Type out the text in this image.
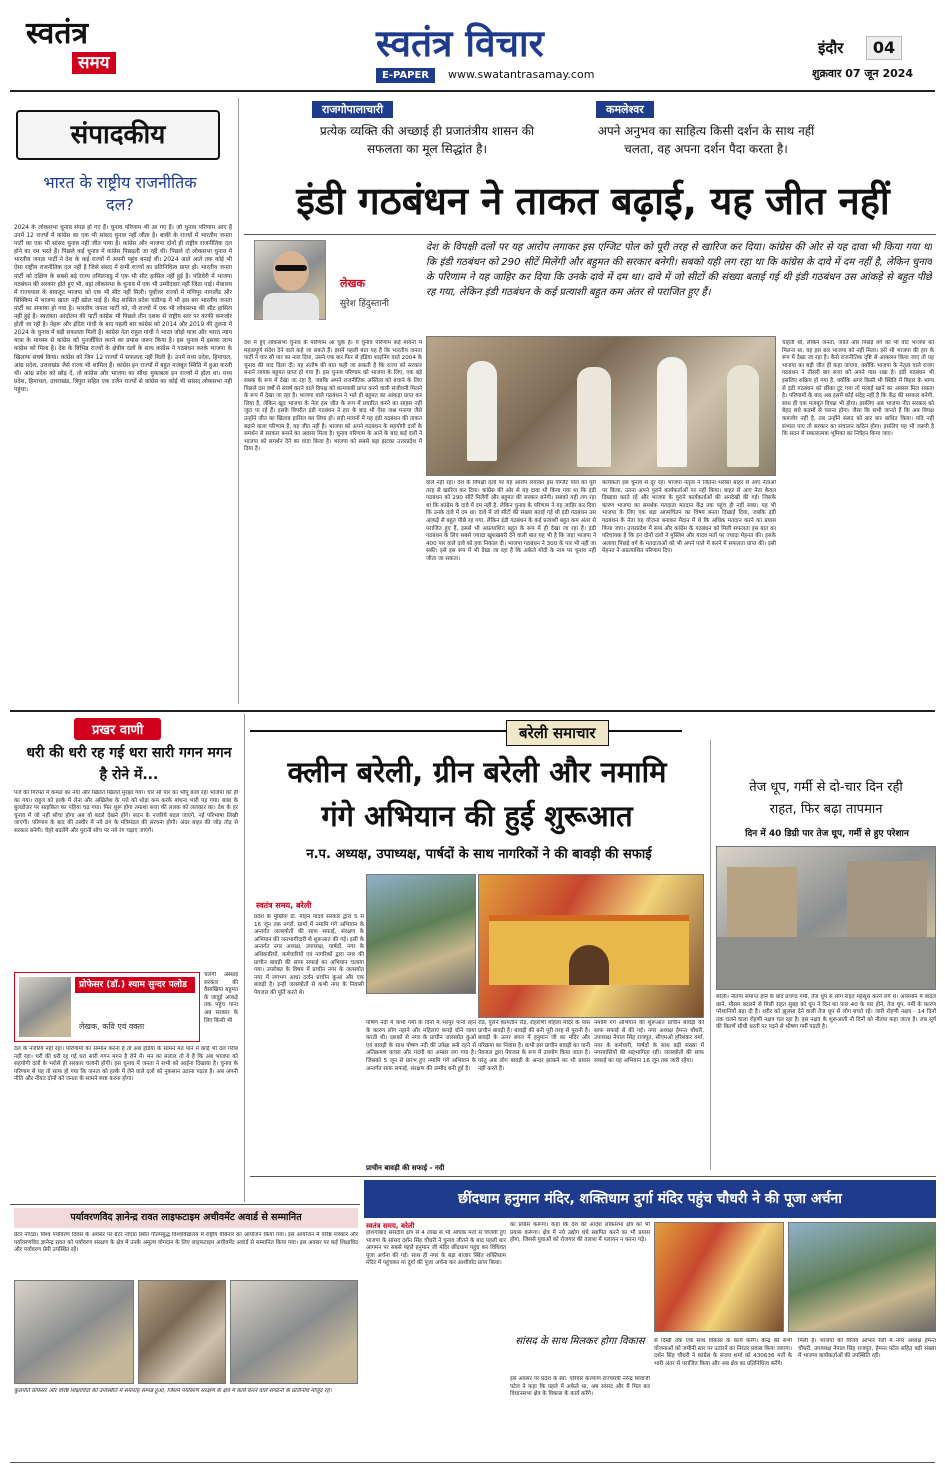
स्वतंत्र
समय	स्वतंत्र विचार
E-PAPER	www.swatantrasamay.com
इंदौर	04
शुक्रवार 07 जून 2024
संपादकीय
भारत के राष्ट्रीय राजनीतिक दल?
2024 के लोकसभा चुनाव संपन्न हो गए हैं। चुनाव परिणाम भी आ गए हैं। जो चुनाव परिणाम आए हैं उनमें 12 राज्यों में कांग्रेस का एक भी सांसद चुनाव नहीं जीता है। बाकी के राज्यों में भारतीय जनता पार्टी का एक भी सांसद चुनाव नहीं जीत पाया है। कांग्रेस और भाजपा दोनों ही राष्ट्रीय राजनीतिक दल होने का दम भरते हैं। पिछले कई चुनाव में कांग्रेस पिछड़ती जा रही थी। पिछले दो लोकसभा चुनाव में भारतीय जनता पार्टी ने देश के कई राज्यों में अपनी पहुंच बनाई थी। 2024 आते आते तक कोई भी ऐसा राष्ट्रीय राजनीतिक दल नहीं है जिसे संसद में सभी राज्यों का प्रतिनिधित्व प्राप्त हो। भारतीय जनता पार्टी को दक्षिण के सबसे बड़े राज्य तमिलनाडु में एक भी सीट हासिल नहीं हुई है। पंडिचेरी में भाजपा गठबंधन की सरकार होते हुए भी, वहां लोकसभा के चुनाव में एक भी उम्मीदवार नहीं जिता पाई। मेघालय में राज्यपाल के बावजूद भाजपा को एक भी सीट नहीं मिली। पूर्वोत्तर राज्यों में मणिपुर नागालैंड और सिक्किम में भाजपा खाता नहीं खोल पाई है। केंद्र शासित प्रदेश चंडीगढ़ में भी इस बार भारतीय जनता पार्टी का सफाया हो गया है। भारतीय जनता पार्टी को, नौ राज्यों में एक भी लोकसभा की सीट हासिल नहीं हुई है। स्वतंत्रता आंदोलन की पार्टी कांग्रेस भी पिछले तीन दशक से राष्ट्रीय स्तर पर काफी कमजोर होती जा रही है। नेहरू और इंदिरा गांधी के बाद पहली बार कांग्रेस को 2014 और 2019 की तुलना में 2024 के चुनाव में बड़ी सफलता मिली है। कांग्रेस नेता राहुल गांधी ने भारत जोड़ो यात्रा और भारत न्याय यात्रा के माध्यम से कांग्रेस को पुनर्जीवित करने का प्रयास जरूर किया है। इस चुनाव में इसका लाभ कांग्रेस को मिला है। देश के विभिन्न राज्यों के क्षेत्रीय दलों के साथ कांग्रेस ने गठबंधन करके भाजपा के खिलाफ संघर्ष किया। कांग्रेस को जिन 12 राज्यों में सफलता नहीं मिली है। उनमें मध्य प्रदेश, हिमाचल, आंध्र प्रदेश, उत्तराखंड जैसे राज्य भी शामिल हैं। कांग्रेस इन राज्यों में बहुत मजबूत स्थिति में हुआ करती थी। आंध्र प्रदेश को छोड़ दें, तो कांग्रेस और भाजपा का सीधा मुकाबला इन राज्यों में होता था। मध्य प्रदेश, हिमाचल, उत्तराखंड, त्रिपुरा सहित एक दर्जन राज्यों से कांग्रेस का कोई भी सांसद लोकसभा नहीं पहुंचा।
राजगोपालाचारी
प्रत्येक व्यक्ति की अच्छाई ही प्रजातंत्रीय शासन की सफलता का मूल सिद्धांत है।
कमलेश्वर
अपने अनुभव का साहित्य किसी दर्शन के साथ नहीं चलता, वह अपना दर्शन पैदा करता है।
इंडी गठबंधन ने ताकत बढ़ाई, यह जीत नहीं
लेखक
सुरेश हिंदुस्तानी
देश के विपक्षी दलों पर यह आरोप लगाकर इस एग्जिट पोल को पूरी तरह से खारिज कर दिया। कांग्रेस की ओर से यह दावा भी किया गया था कि इंडी गठबंधन को 290 सीटें मिलेंगी और बहुमत की सरकार बनेगी। सबको यही लग रहा था कि कांग्रेस के दावे में दम नहीं है, लेकिन चुनाव के परिणाम ने यह जाहिर कर दिया कि उनके दावे में दम था। दावे में जो सीटों की संख्या बताई गई थी इंडी गठबंधन उस आंकड़े से बहुत पीछे रह गया, लेकिन इंडी गठबंधन के कई प्रत्याशी बहुत कम अंतर से पराजित हुए हैं।
देश में हुए लोकसभा चुनाव के परिणाम आ चुके हैं। ये चुनाव परिणाम कई मायनों में महत्वपूर्ण संदेश देने वाले कहे जा सकते हैं। इसमें पहली बात यह है कि भारतीय जनता पार्टी ने चार सौ पार का नारा दिया, उसने एक बार फिर से इंडिया शाइनिंग वाले 2004 के चुनाव की याद दिला दी। यह संतोष की बात कही जा सकती है कि राज्य को सरकार बनाने लायक बहुमत प्राप्त हो गया है। इस चुनाव परिणाम को भाजपा के लिए, एक बड़े सबक के रूप में देखा जा रहा है, जबकि अपने राजनीतिक अस्तित्व को बचाने के लिए पिछले दस वर्षों से संघर्ष करने वाले विपक्ष को कामयाबी प्राप्त करने वाली संजीवनी मिलने के रूप में देखा जा रहा है। भाजपा वाले गठबंधन ने भले ही बहुमत का आंकड़ा प्राप्त कर लिया है, लेकिन खुद भाजपा के नेता इस जीत के रूप में प्रचारित करने का साहस नहीं जुटा पा रहे हैं। इसके विपरीत इंडी गठबंधन ने हार के बाद भी ऐसा जश्न मनाया जैसे उन्होंने जीत का खिताब हासिल कर लिया हो। सही मायनों में यह इंडी गठबंधन की ताकत बढ़ाने वाला परिणाम है, यह जीत नहीं है। भाजपा को अपने गठबंधन के सहयोगी दलों के समर्थन से सरकार बनाने का अवसर मिला है। चुनाव परिणाम के आने के बाद कई दलों ने भाजपा को समर्थन देने का वादा किया है। भाजपा को सबसे बड़ा झटका उत्तरप्रदेश में दिया है।
वाले नहीं रहा। देश के विपक्षी दलों पर यह आरोप लगाकर इस एग्जिट पोल को पूरी तरह से खारिज कर दिया। कांग्रेस की ओर से यह दावा भी किया गया था कि इंडी गठबंधन को 290 सीटें मिलेंगी और बहुमत की सरकार बनेगी। सबको यही लग रहा था कि कांग्रेस के दावे में दम नहीं है, लेकिन चुनाव के परिणाम ने यह जाहिर कर दिया कि उनके दावे में दम था। दावे में जो सीटों की संख्या बताई गई थी इंडी गठबंधन उस आंकड़े से बहुत पीछे रह गया, लेकिन इंडी गठबंधन के कई प्रत्याशी बहुत कम अंतर से पराजित हुए हैं, इससे भी अप्रत्याशित बहुत के रूप में ही देखा जा रहा है। इंडी गठबंधन के लिए सबसे ज्यादा खुशखबरी देने वाली बात यह भी है कि जहां भाजपा ने 400 पार वाले दावे को हवा निकाल दी। भाजपा गठबंधन ने 300 के पार भी नहीं जा सकी। इसे इस रूप में भी देखा जा रहा है कि अकेले मोदी के नाम पर चुनाव नहीं जीता जा सकता।
कार्यकर्ता इस चुनाव से दूर रहे। भाजपा नेतृत्व ने जितना भरोसा बाहर से आए नेताओं पर किया, उतना अपने पुराने कार्यकर्ताओं पर नहीं किया। बाहर से आए नेता केवल दिखावा करते रहे और भाजपा के पुराने कार्यकर्ताओं की अनदेखी की गई। जिसके कारण भाजपा का समर्थक मतदाता मतदान केंद्र तक पहुंच ही नहीं सका। यह भी भाजपा के लिए एक बड़ा आत्मचिंतन का विषय बनता दिखाई दिया, जबकि इंडी गठबंधन के नेता यह योजना बनाकर मैदान में थे कि अधिक मतदान करने का प्रयास किया जाए। उत्तरप्रदेश में सपा और कांग्रेस के गठबंधन को मिली सफलता इस बात का परिचायक है कि इन दोनों दलों ने मुस्लिम और यादव मतों पर ज्यादा मेहनत की। इसके अलावा पिछड़े वर्ग के मतदाताओं को भी अपने पाले में करने में सफलता प्राप्त की। इसी मेहनत ने अप्रत्याशित परिणाम दिए।
चाहती थी, लेकिन जनता, जाति और पिछड़े वर्ग को भी वोट भाजपा को मिलना था, वह इस बार भाजपा को नहीं मिला। इसे भी भाजपा की हार के रूप में देखा जा रहा है। कैसे राजनीतिक दृष्टि से आकलन किया जाए तो यह भाजपा का बड़ी जीत ही कहा जाएगा, क्योंकि भाजपा के नेतृत्व वाले राजग गठबंधन ने तीसरी बार सत्ता को अपने पास रखा है। इंडी गठबंधन भी इसलिए सक्रिय हो गया है, क्योंकि अगर किसी भी स्थिति में बिहार के भाग्य से इंडी गठबंधन को छींका टूट गया तो मलाई खाने का अवसर मिल सकता है। परिणामों के बाद अब इसमें कोई संदेह नहीं है कि केंद्र की सरकार बनेगी, साथ ही एक मजबूत विपक्ष भी होगा। इसलिए अब भाजपा नीत सरकार को बेहद सधे कदमों से चलना होगा। जैसा कि सभी जानते हैं कि अब विपक्ष कमजोर नहीं है, तब उन्होंने संसद को बार बार बाधित किया। यदि नहीं संभाल पाए तो सरकार का संचालन कठिन होगा। इसलिए यह भी जरूरी है कि सदन में सकारात्मक भूमिका का निर्वहन किया जाए।
प्रखर वाणी
धरी की धरी रह गई धरा सारी गगन मगन है रोने में...
पंजे की गिरफ्त में कमल का नया और खिलते खिलते मुरझा गया। चार सौ पार का भौंपू बजा रहा भाजपा को ही का गया। राहुल को हल्के में लेना और अखिलेश के पत्ते को थोड़ा कम करके बांधना भारी पड़ गया। बाबा के बुलडोजर पर साइकिल का पहिया चढ़ गया। फिर शुरू होगा तमाशा सत्ता की ललक को ललकार का। देश के हर चुनाव में जो नहीं सोचा होगा अब वो बदले देखने होंगे। सदन के नजरिये बदल जाएंगे, नई परिभाषा लिखी जाएंगी। परिणाम के बाद की तस्वीर में नये ढंग के मंत्रिमंडल की संरचना होगी। अंदर बाहर की जोड़ तोड़ से सरकार बनेगी। चेहरे बदलेंगे और पुरानी सोच पर नये रंग चढ़ाए जाएंगे।
प्रोफेसर (डॉ.) श्याम सुन्दर पलोड
लेखक, कवि एवं वक्ता
चलेगी अस्थाई सरकार की वैसाखियां बहुमत के जादुई आंकड़े तक पहुंच पाना अब सरकार के लिए किसी भी
दल के नजरिये नहीं रहा। परिणामों का सम्मान करना है तो अब इंडिया के सामने मत पाने में कोई भी दल गरीब नहीं रहा। धरी की धरी रह गई धरा सारी गगन मगन है रोने में। मन का मलाल तो ये है कि अब भाजपा को सहयोगी दलों के भरोसे ही सरकार चलानी होगी। इस चुनाव में जनता ने सभी को आईना दिखाया है। चुनाव के परिणाम से यह तो साफ हो गया कि जनता को हल्के में लेने वाले दलों को नुकसान उठाना पड़ता है। अब अपनी नीति और नीयत दोनों को जनता के सामने स्पष्ट करना होगा।
बरेली समाचार
क्लीन बरेली, ग्रीन बरेली और नमामि
गंगे अभियान की हुई शुरूआत
न.प. अध्यक्ष, उपाध्यक्ष, पार्षदों के साथ नागरिकों ने की बावड़ी की सफाई
स्वतंत्र समय, बरेली
प्रदेश के मुखिया डॉ. मोहन यादव सरकार द्वारा 5 से 16 जून तक नगरों, ग्रामों में नमामि गंगे अभियान के अन्तर्गत जलस्त्रोतों की साफ सफाई, संरक्षण के अभियान की जनभागीदारी से शुरूआत की गई। इसी के अन्तर्गत नगर अध्यक्ष, उपाध्यक्ष, पार्षदों, नगर के अधिकारियों, कर्मचारियों एवं नागरिकों द्वारा नगर की प्राचीन बावड़ी की साफ सफाई का अभियान चलाया गया। उपरोक्त के विषय में प्राचीन नगर के जलस्त्रोत नगर में लगभग आधा दर्जन प्राचीन कुआं और एक बावड़ी है। इन्हीं जलस्त्रोतों से कभी नगर के निवासी पेयजल की पूर्ति करते थे।
पोषण नदी में कभी गर्मी के दिनों में भरपूर पानी रहने के कारण लोग नहाने और महिलाएं कपड़े धोने जाया करती थी। दशकों से नगर के प्राचीन जलस्त्रोत कुओं एवं बावड़ी के साथ पोषण नदी की उपेक्षा बनी रहने से अतिक्रमण कचरा और गंदगी का अम्बार लग गया है। जिसको 5 जून से प्रारंभ हुए नमामि गंगे अभियान के अन्तर्गत साफ सफाई, संरक्षण की उम्मीद बनी हुई है।
रोड, पुराने कामतीन रोड, रोहराणी महिला मंदिर के पास प्राचीन बावड़ी है। बावड़ी की बनी पूरी तरह से पुरानी है। बावड़ी के ऊपर बगल में हनुमान जी का मंदिर और परिक्रमा का निवास है। कभी इस प्राचीन बावड़ी का पानी पेयजल द्वारा पेयजल के रूप में उपयोग किया जाता है। परंतु अब लोग बावड़ी के अन्दर झांकने का भी प्रयास नहीं करते हैं।
नमामि गंगे अभियान की शुरूआत प्राचीन बावड़ी की साफ सफाई से की गई। नगर अध्यक्ष हेमन्त चौधरी, उपाध्यक्ष नेपाल सिंह राजपूत, सीएमओ हरिशंकर वर्मा, नगर के कर्मचारी, पार्षदों के साथ बड़ी संख्या में नगरवासियों की सहभागिता रही। जलस्त्रोतों की साफ सफाई का यह अभियान 16 जून तक जारी रहेगा।
प्राचीन बावड़ी की सफाई - नदी
तेज धूप, गर्मी से दो-चार दिन रही
राहत, फिर बढ़ा तापमान
दिन में 40 डिग्री पार तेज धूप, गर्मी से हुए परेशान
बरेली। नौतपा समाप्त होने के बाद प्रचण्ड गर्मी, तेज धूप से लोग राहत महसूस करने लगे थे। आसमान में बादल छाने, मौसम बदलने से मिली राहत सुबह को धूप ने दिन का पारा 40 के पार होने, तेज धूप, गर्मी के कारण परेशानियों बढ़ा दी है। शरीर को झुलसा देने वाली तेज धूप से लोग बचते रहे। जारी रोहणी नक्षत्र - 14 दिनों तक चलने वाला रोहणी नक्षत्र चल रहा है। इस नक्षत्र के शुरूआती नौ दिनों को नौतपा कहा जाता है। जब सूर्य की किरणें सीधी धरती पर पड़ने से भीषण गर्मी पड़ती है।
छींदधाम हनुमान मंदिर, शक्तिधाम दुर्गा मंदिर पहुंच चौधरी ने की पूजा अर्चना
स्वतंत्र समय, बरेली
होशंगाबाद संसदीय क्षेत्र से 4 लाख से भी अधिक मतों से विजयी हुए भाजपा के सांसद दर्शन सिंह चौधरी ने चुनाव जीतने के बाद पहली बार आगमन पर सबसे पहले हनुमान जी मंदिर छींदधाम पहुंच कर विधिवत पूजा अर्चना की गई। साथ ही नगर के बड़ा बाजार स्थित शक्तिधाम मंदिर में पहुंचकर मां दुर्गा की पूजा अर्चना कर आशीर्वाद प्राप्त किया।
का प्रयास करूंगा। कहा कि देश की आदेश लोकसभा क्षेत्र का भी प्रयास करूंगा। क्षेत्र में नये उद्योग धंधे स्थापित करने का भी प्रयास होगा, जिससे युवाओं को रोजगार की तलाश में पलायन न करना पड़े।
सांसद के साथ मिलकर होगा विकास
इस अवसर पर प्रदेश के स्वा. परिवार कल्याण राज्यमंत्री नरेन्द्र शिवाजी पटेल ने कहा कि पहले में अकेले था, अब सांसद और मैं मिल कर विधानसभा क्षेत्र के विकास के कार्य करेंगे।
से दिखी तक एक साथ विकास के कार्य करेंगे। केन्द्र की सभी योजनाओं को जमीनी स्तर पर उतारने का निरंतर प्रयास किया जाएगा। दर्शन सिंह चौधरी ने कांग्रेस के संजय शर्मा को 430636 मतों के भारी अंतर से पराजित किया और अब क्षेत्र का प्रतिनिधित्व करेंगे।
मिली है। भाजपा की विजय आभार रैली में नगर अध्यक्ष हेमन्त चौधरी, उपाध्यक्ष नेपाल सिंह राजपूत, हेमन्त पटेल सहित बड़ी संख्या में भाजपा कार्यकर्ताओं की उपस्थिति रही।
पर्यावरणविद ज्ञानेन्द्र रावत लाइफटाइम अचीवमेंट अवार्ड से सम्मानित
ग्रेटर नोएडा। विश्व पर्यावरण दिवस के अवसर पर ग्रेटर नोएडा स्थित गौतमबुद्ध विश्वविद्यालय में राष्ट्रीय वेबिनार का आयोजन किया गया। इस आयोजन में वरिष्ठ पत्रकार और पर्यावरणविद ज्ञानेन्द्र रावत को पर्यावरण संरक्षण के क्षेत्र में उनके अमूल्य योगदान के लिए लाइफटाइम अचीवमेंट अवार्ड से सम्मानित किया गया। इस अवसर पर कई शिक्षाविद और पर्यावरण प्रेमी उपस्थित रहे।
कुलपति प्रोफेसर और वरिष्ठ शिक्षाविदों की उपस्थिति में समारोह सम्पन्न हुआ, जिसमें पर्यावरण संरक्षण के क्षेत्र में कार्य करने वाले संगठनों के प्रतिनिधि मौजूद रहे।
